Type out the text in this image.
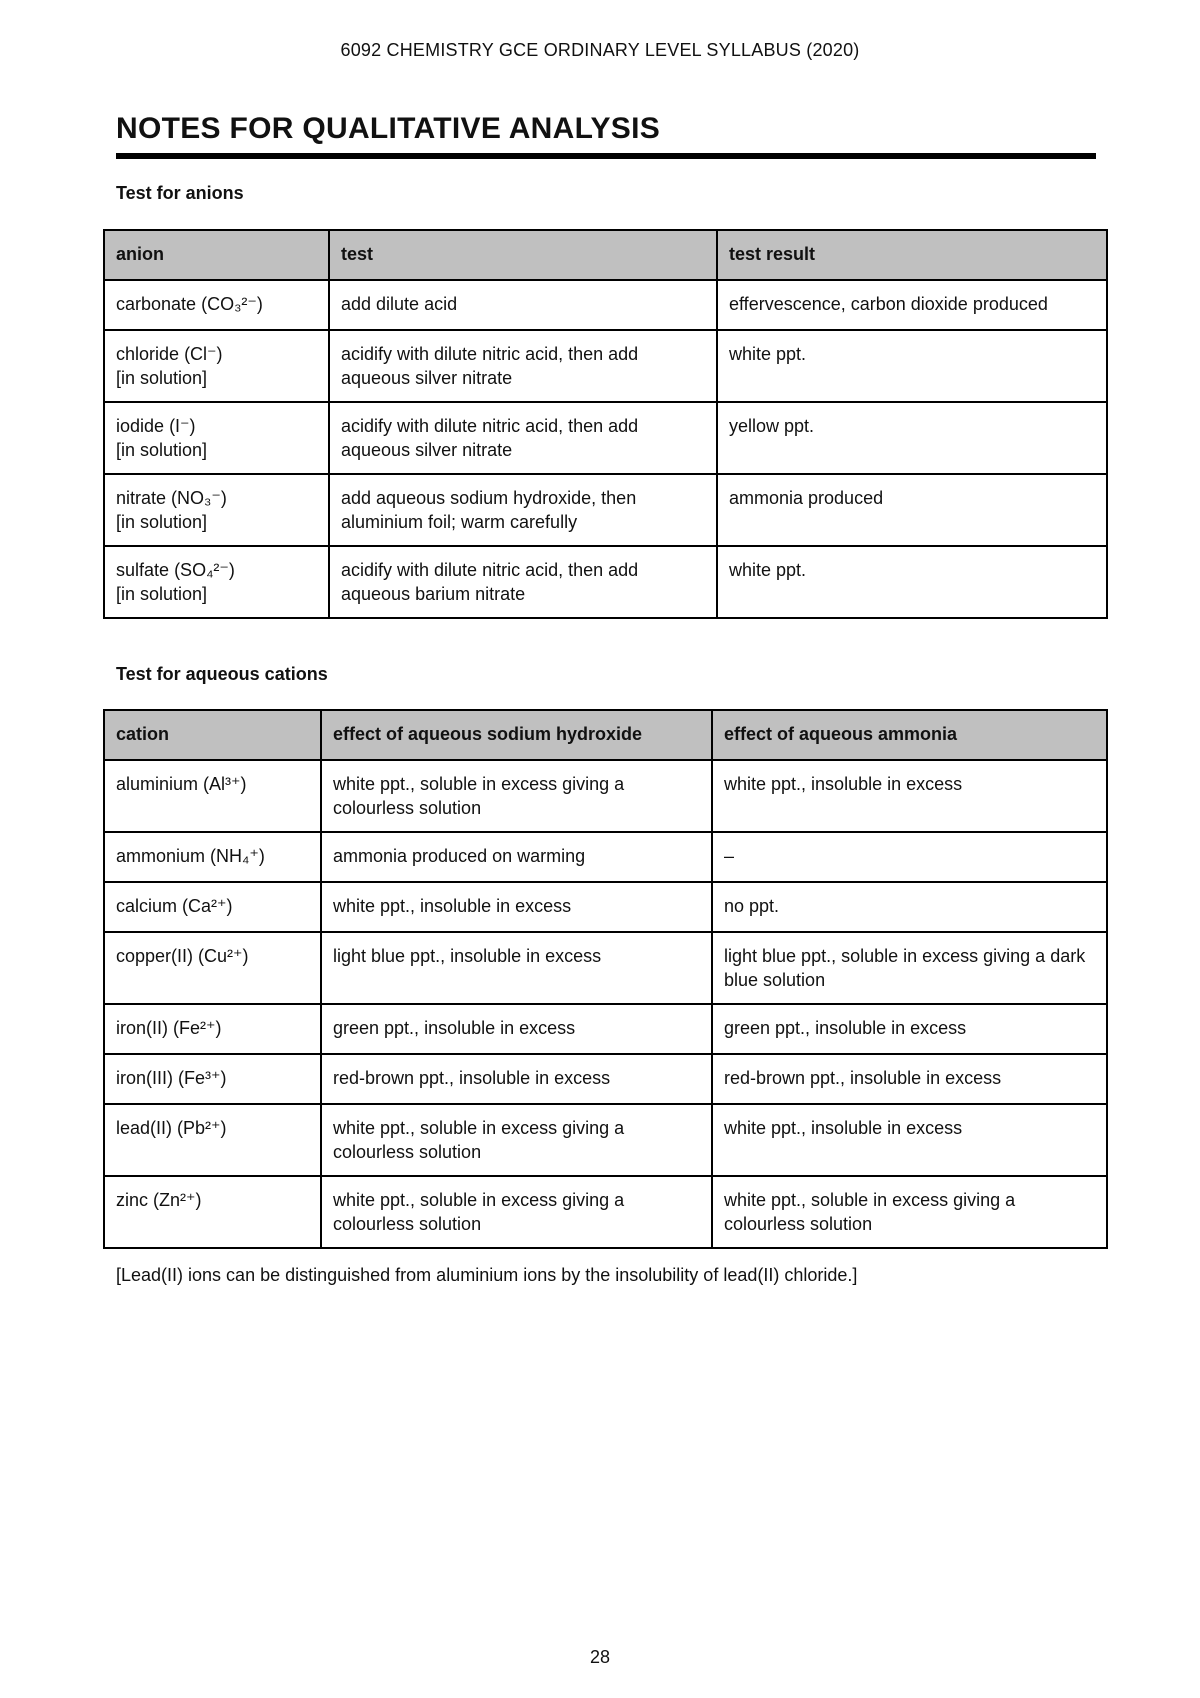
6092 CHEMISTRY GCE ORDINARY LEVEL SYLLABUS (2020)
NOTES FOR QUALITATIVE ANALYSIS
Test for anions
anion	test	test result
carbonate (CO₃²⁻)	add dilute acid	effervescence, carbon dioxide produced
chloride (Cl⁻)
[in solution]	acidify with dilute nitric acid, then add aqueous silver nitrate	white ppt.
iodide (I⁻)
[in solution]	acidify with dilute nitric acid, then add aqueous silver nitrate	yellow ppt.
nitrate (NO₃⁻)
[in solution]	add aqueous sodium hydroxide, then aluminium foil; warm carefully	ammonia produced
sulfate (SO₄²⁻)
[in solution]	acidify with dilute nitric acid, then add aqueous barium nitrate	white ppt.
Test for aqueous cations
cation	effect of aqueous sodium hydroxide	effect of aqueous ammonia
aluminium (Al³⁺)	white ppt., soluble in excess giving a colourless solution	white ppt., insoluble in excess
ammonium (NH₄⁺)	ammonia produced on warming	–
calcium (Ca²⁺)	white ppt., insoluble in excess	no ppt.
copper(II) (Cu²⁺)	light blue ppt., insoluble in excess	light blue ppt., soluble in excess giving a dark blue solution
iron(II) (Fe²⁺)	green ppt., insoluble in excess	green ppt., insoluble in excess
iron(III) (Fe³⁺)	red-brown ppt., insoluble in excess	red-brown ppt., insoluble in excess
lead(II) (Pb²⁺)	white ppt., soluble in excess giving a colourless solution	white ppt., insoluble in excess
zinc (Zn²⁺)	white ppt., soluble in excess giving a colourless solution	white ppt., soluble in excess giving a colourless solution

[Lead(II) ions can be distinguished from aluminium ions by the insolubility of lead(II) chloride.]

28
